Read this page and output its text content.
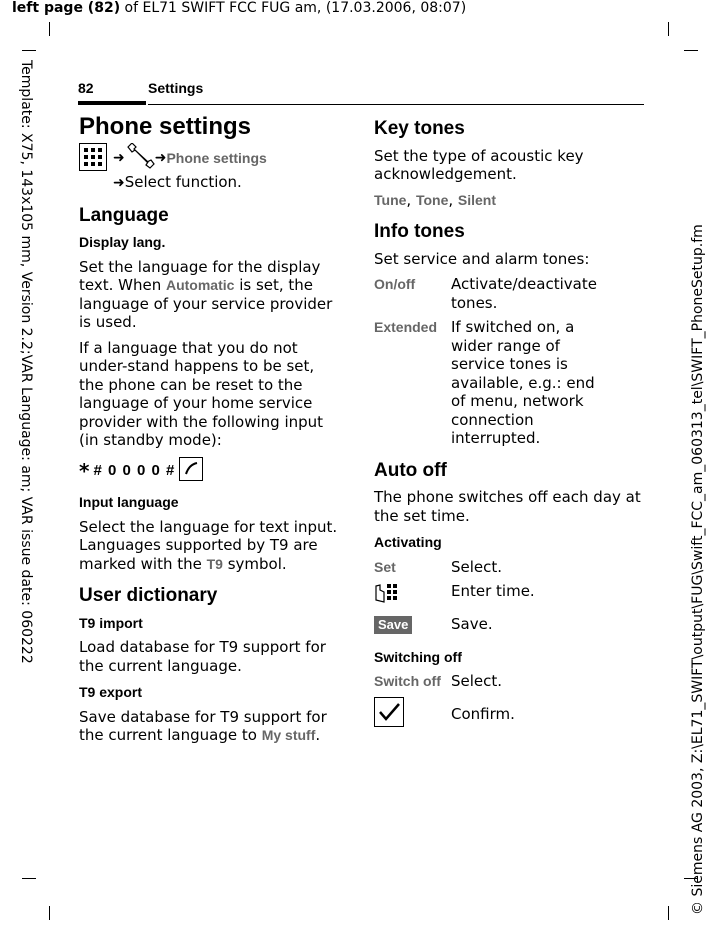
left page (82) of EL71 SWIFT FCC FUG am, (17.03.2006, 08:07)
Template: X75, 143x105 mm, Version 2.2;VAR Language: am; VAR issue date: 060222	© Siemens AG 2003, Z:\EL71_SWIFT\output\FUG\Swift_FCC_am_060313_tel\SWIFT_PhoneSetup.fm
82	Settings
Phone settings
➜ ➜ Phone settings
➜Select function.
Language
Display lang.

Set the language for the display text. When Automatic is set, the language of your service provider is used.

If a language that you do not under-stand happens to be set, the phone can be reset to the language of your home service provider with the following input (in standby mode):

* # 0 0 0 0 #
Input language

Select the language for text input. Languages supported by T9 are marked with the T9 symbol.

User dictionary
T9 import

Load database for T9 support for the current language.

T9 export

Save database for T9 support for the current language to My stuff.

Key tones

Set the type of acoustic key acknowledgement.

Tune, Tone, Silent

Info tones

Set service and alarm tones:

On/off	Activate/deactivate tones.
Extended If switched on, a wider range of service tones is available, e.g.: end of menu, network connection interrupted.
Auto off

The phone switches off each day at the set time.

Activating
Set	Select.
Enter time.
Save	Save.
Switching off
Switch off Select.
Confirm.
